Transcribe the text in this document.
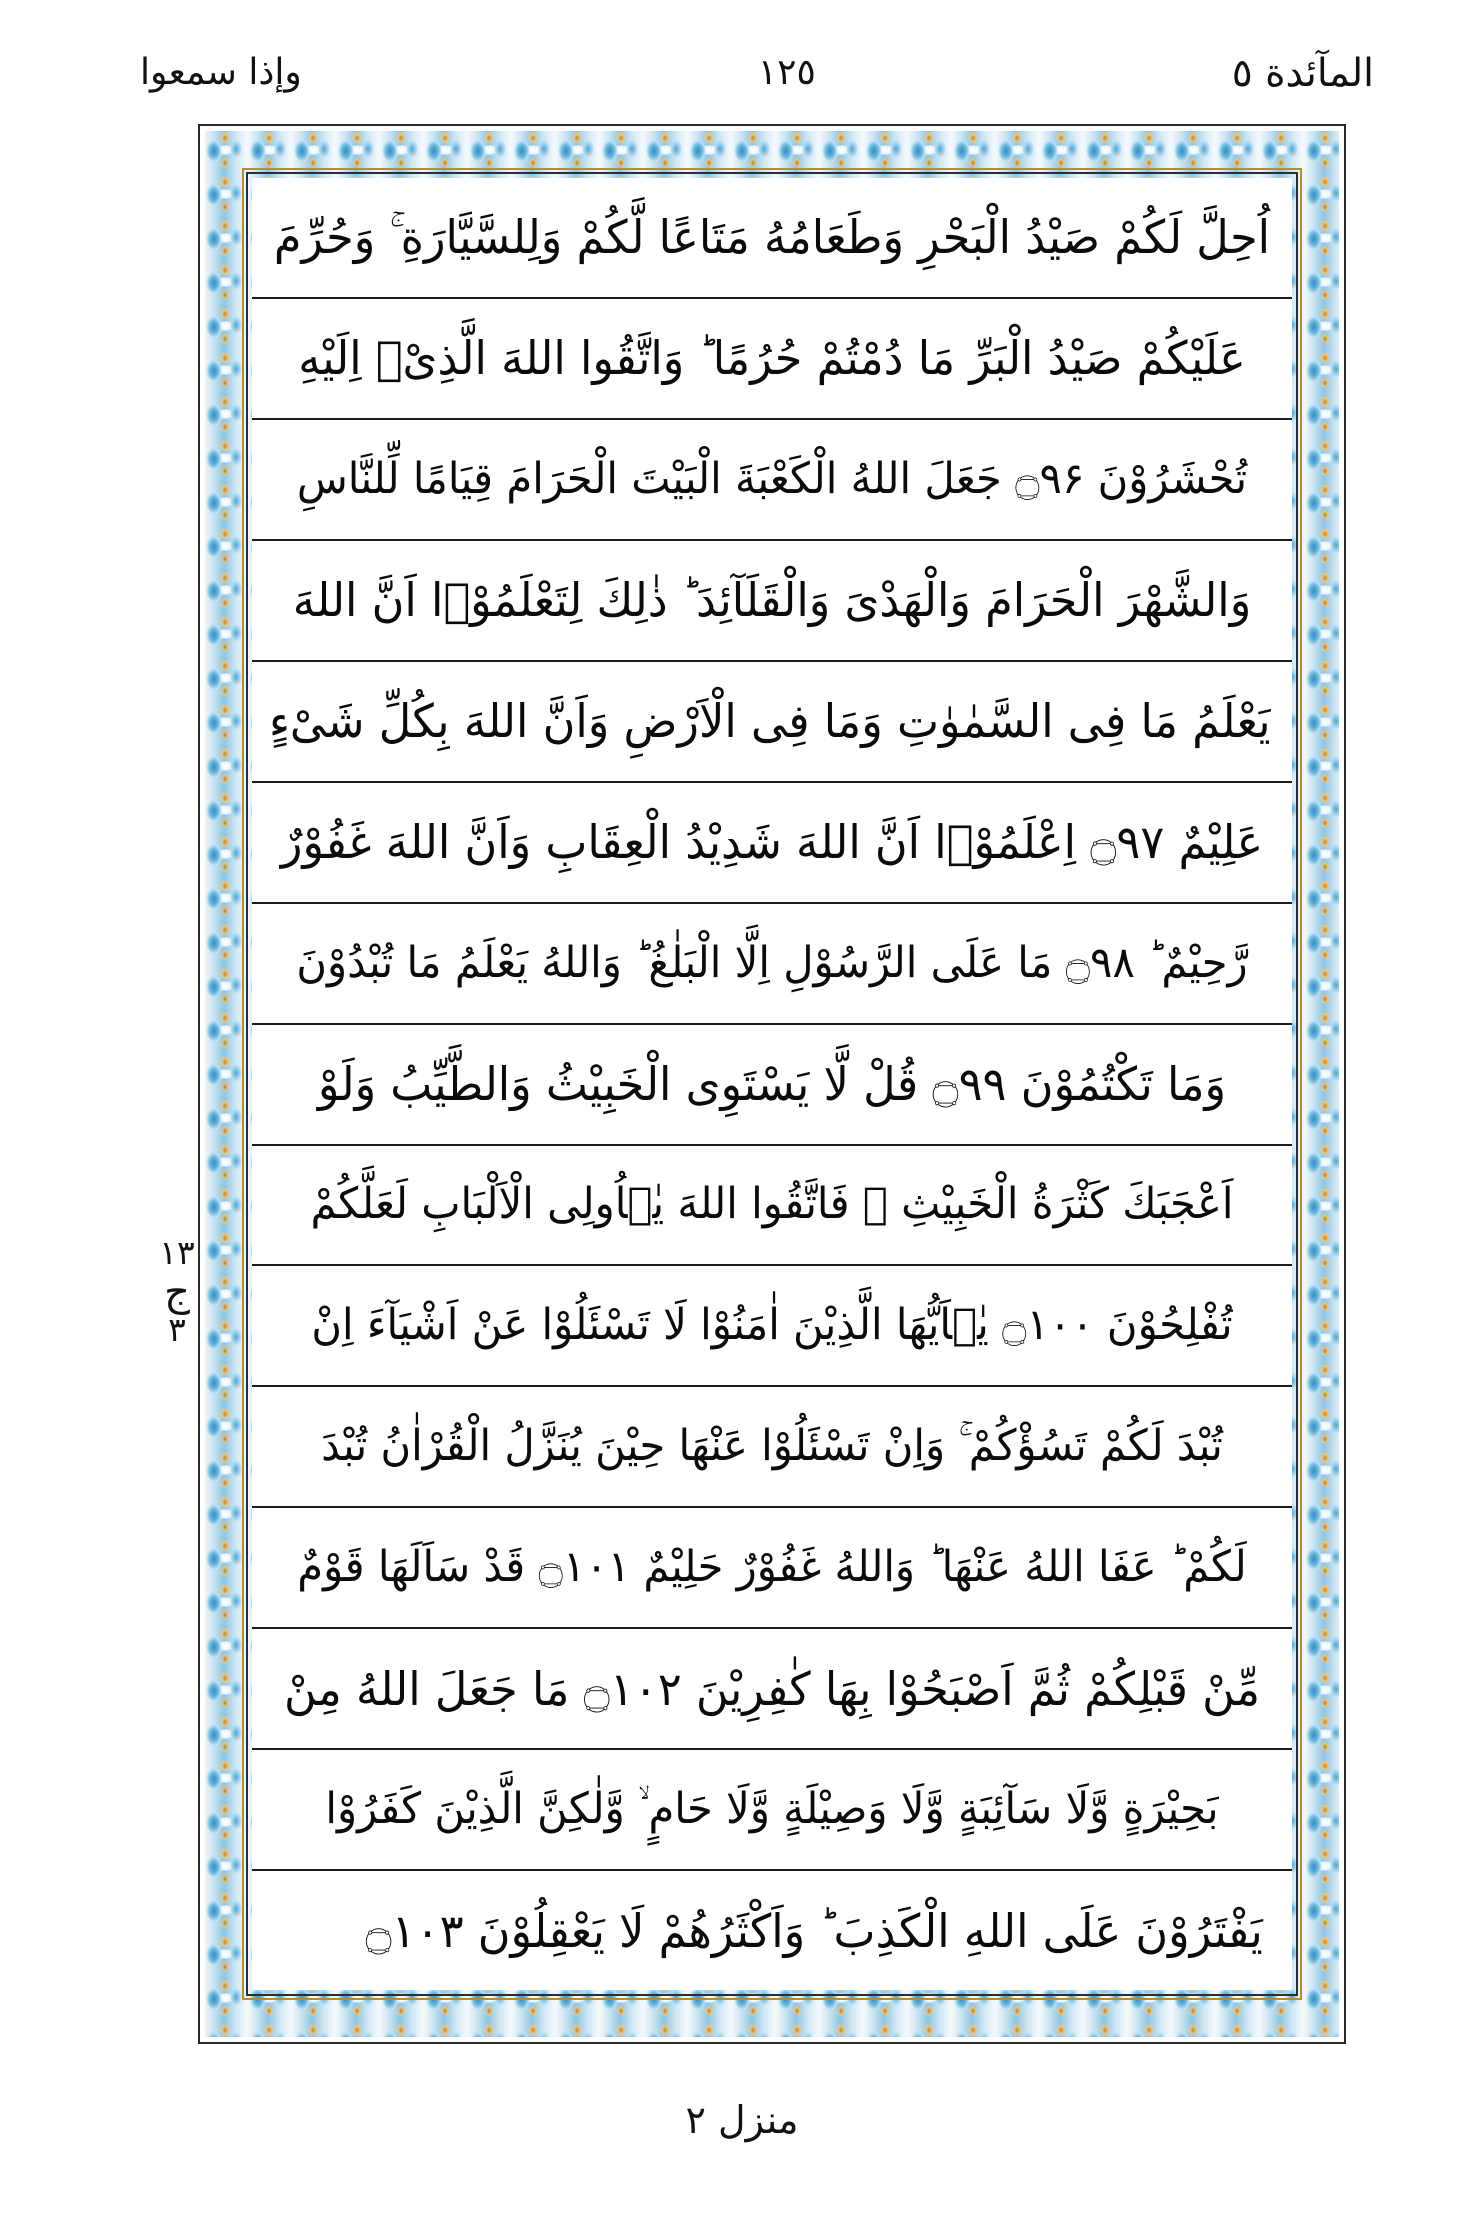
المآئدة ٥
١٢٥
وإذا سمعوا
اُحِلَّ لَكُمْ صَيْدُ الْبَحْرِ وَطَعَامُهُ مَتَاعًا لَّكُمْ وَلِلسَّيَّارَةِ ۚ وَحُرِّمَ
عَلَيْكُمْ صَيْدُ الْبَرِّ مَا دُمْتُمْ حُرُمًا ؕ وَاتَّقُوا اللهَ الَّذِىْۤ اِلَيْهِ
تُحْشَرُوْنَ ۝۹۶ جَعَلَ اللهُ الْكَعْبَةَ الْبَيْتَ الْحَرَامَ قِيَامًا لِّلنَّاسِ
وَالشَّهْرَ الْحَرَامَ وَالْهَدْىَ وَالْقَلَآئِدَ ؕ ذٰلِكَ لِتَعْلَمُوْۤا اَنَّ اللهَ
يَعْلَمُ مَا فِى السَّمٰوٰتِ وَمَا فِى الْاَرْضِ وَاَنَّ اللهَ بِكُلِّ شَىْءٍ
عَلِيْمٌ ۝۹۷ اِعْلَمُوْۤا اَنَّ اللهَ شَدِيْدُ الْعِقَابِ وَاَنَّ اللهَ غَفُوْرٌ
رَّحِيْمٌ ؕ ۝۹۸ مَا عَلَى الرَّسُوْلِ اِلَّا الْبَلٰغُ ؕ وَاللهُ يَعْلَمُ مَا تُبْدُوْنَ
وَمَا تَكْتُمُوْنَ ۝۹۹ قُلْ لَّا يَسْتَوِى الْخَبِيْثُ وَالطَّيِّبُ وَلَوْ
اَعْجَبَكَ كَثْرَةُ الْخَبِيْثِ ۚ فَاتَّقُوا اللهَ يٰۤاُولِى الْاَلْبَابِ لَعَلَّكُمْ
تُفْلِحُوْنَ ۝۱۰۰ يٰۤاَيُّهَا الَّذِيْنَ اٰمَنُوْا لَا تَسْئَلُوْا عَنْ اَشْيَآءَ اِنْ
تُبْدَ لَكُمْ تَسُؤْكُمْ ۚ وَاِنْ تَسْئَلُوْا عَنْهَا حِيْنَ يُنَزَّلُ الْقُرْاٰنُ تُبْدَ
لَكُمْ ؕ عَفَا اللهُ عَنْهَا ؕ وَاللهُ غَفُوْرٌ حَلِيْمٌ ۝۱۰۱ قَدْ سَاَلَهَا قَوْمٌ
مِّنْ قَبْلِكُمْ ثُمَّ اَصْبَحُوْا بِهَا كٰفِرِيْنَ ۝۱۰۲ مَا جَعَلَ اللهُ مِنْ
بَحِيْرَةٍ وَّلَا سَآئِبَةٍ وَّلَا وَصِيْلَةٍ وَّلَا حَامٍ ۙ وَّلٰكِنَّ الَّذِيْنَ كَفَرُوْا
يَفْتَرُوْنَ عَلَى اللهِ الْكَذِبَ ؕ وَاَكْثَرُهُمْ لَا يَعْقِلُوْنَ ۝۱۰۳
١٣
ج
٣
منزل ٢
